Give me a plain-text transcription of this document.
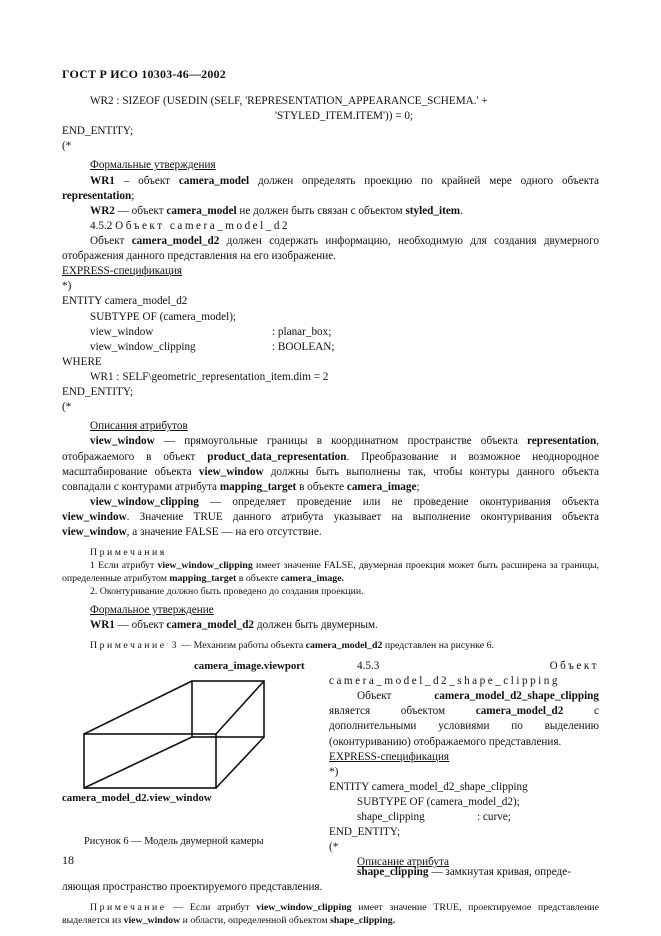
ГОСТ Р ИСО 10303-46—2002

WR2 : SIZEOF (USEDIN (SELF, 'REPRESENTATION_APPEARANCE_SCHEMA.' +

'STYLED_ITEM.ITEM')) = 0;

END_ENTITY;

(*

Формальные утверждения

WR1 – объект camera_model должен определять проекцию по крайней мере одного объекта representation;

WR2 — объект camera_model не должен быть связан с объектом styled_item.

4.5.2 Объект camera_model_d2

Объект camera_model_d2 должен содержать информацию, необходимую для создания двумерного отображения данного представления на его изображение.

EXPRESS-спецификация

*)

ENTITY camera_model_d2

SUBTYPE OF (camera_model);

view_window	: planar_box;

view_window_clipping	: BOOLEAN;

WHERE

WR1 : SELF\geometric_representation_item.dim = 2

END_ENTITY;

(*

Описания атрибутов

view_window — прямоугольные границы в координатном пространстве объекта representation, отображаемого в объект product_data_representation. Преобразование и возможное неоднородное масштабирование объекта view_window должны быть выполнены так, чтобы контуры данного объекта совпадали с контурами атрибута mapping_target в объекте camera_image;

view_window_clipping — определяет проведение или не проведение оконтуривания объекта view_window. Значение TRUE данного атрибута указывает на выполнение оконтуривания объекта view_window, а значение FALSE — на его отсутствие.

Примечания

1 Если атрибут view_window_clipping имеет значение FALSE, двумерная проекция может быть расширена за границы, определенные атрибутом mapping_target в объекте camera_image.

2. Оконтуривание должно быть проведено до создания проекции.

Формальное утверждение

WR1 — объект camera_model_d2 должен быть двумерным.

Примечание 3 — Механизм работы объекта camera_model_d2 представлен на рисунке 6.

camera_image.viewport
camera_model_d2.view_window
Рисунок 6 — Модель двумерной камеры

4.5.3	Объект camera_model_d2_shape_clipping

Объект camera_model_d2_shape_clipping является объектом camera_model_d2 с дополнительными условиями по выделению (оконтуриванию) отображаемого представления.

EXPRESS-спецификация

*)

ENTITY camera_model_d2_shape_clipping

SUBTYPE OF (camera_model_d2);

shape_clipping	: curve;

END_ENTITY;

(*

Описание атрибута

shape_clipping — замкнутая кривая, опреде-

ляющая пространство проектируемого представления.

Примечание — Если атрибут view_window_clipping имеет значение TRUE, проектируемое представление выделяется из view_window и области, определенной объектом shape_clipping.

18
